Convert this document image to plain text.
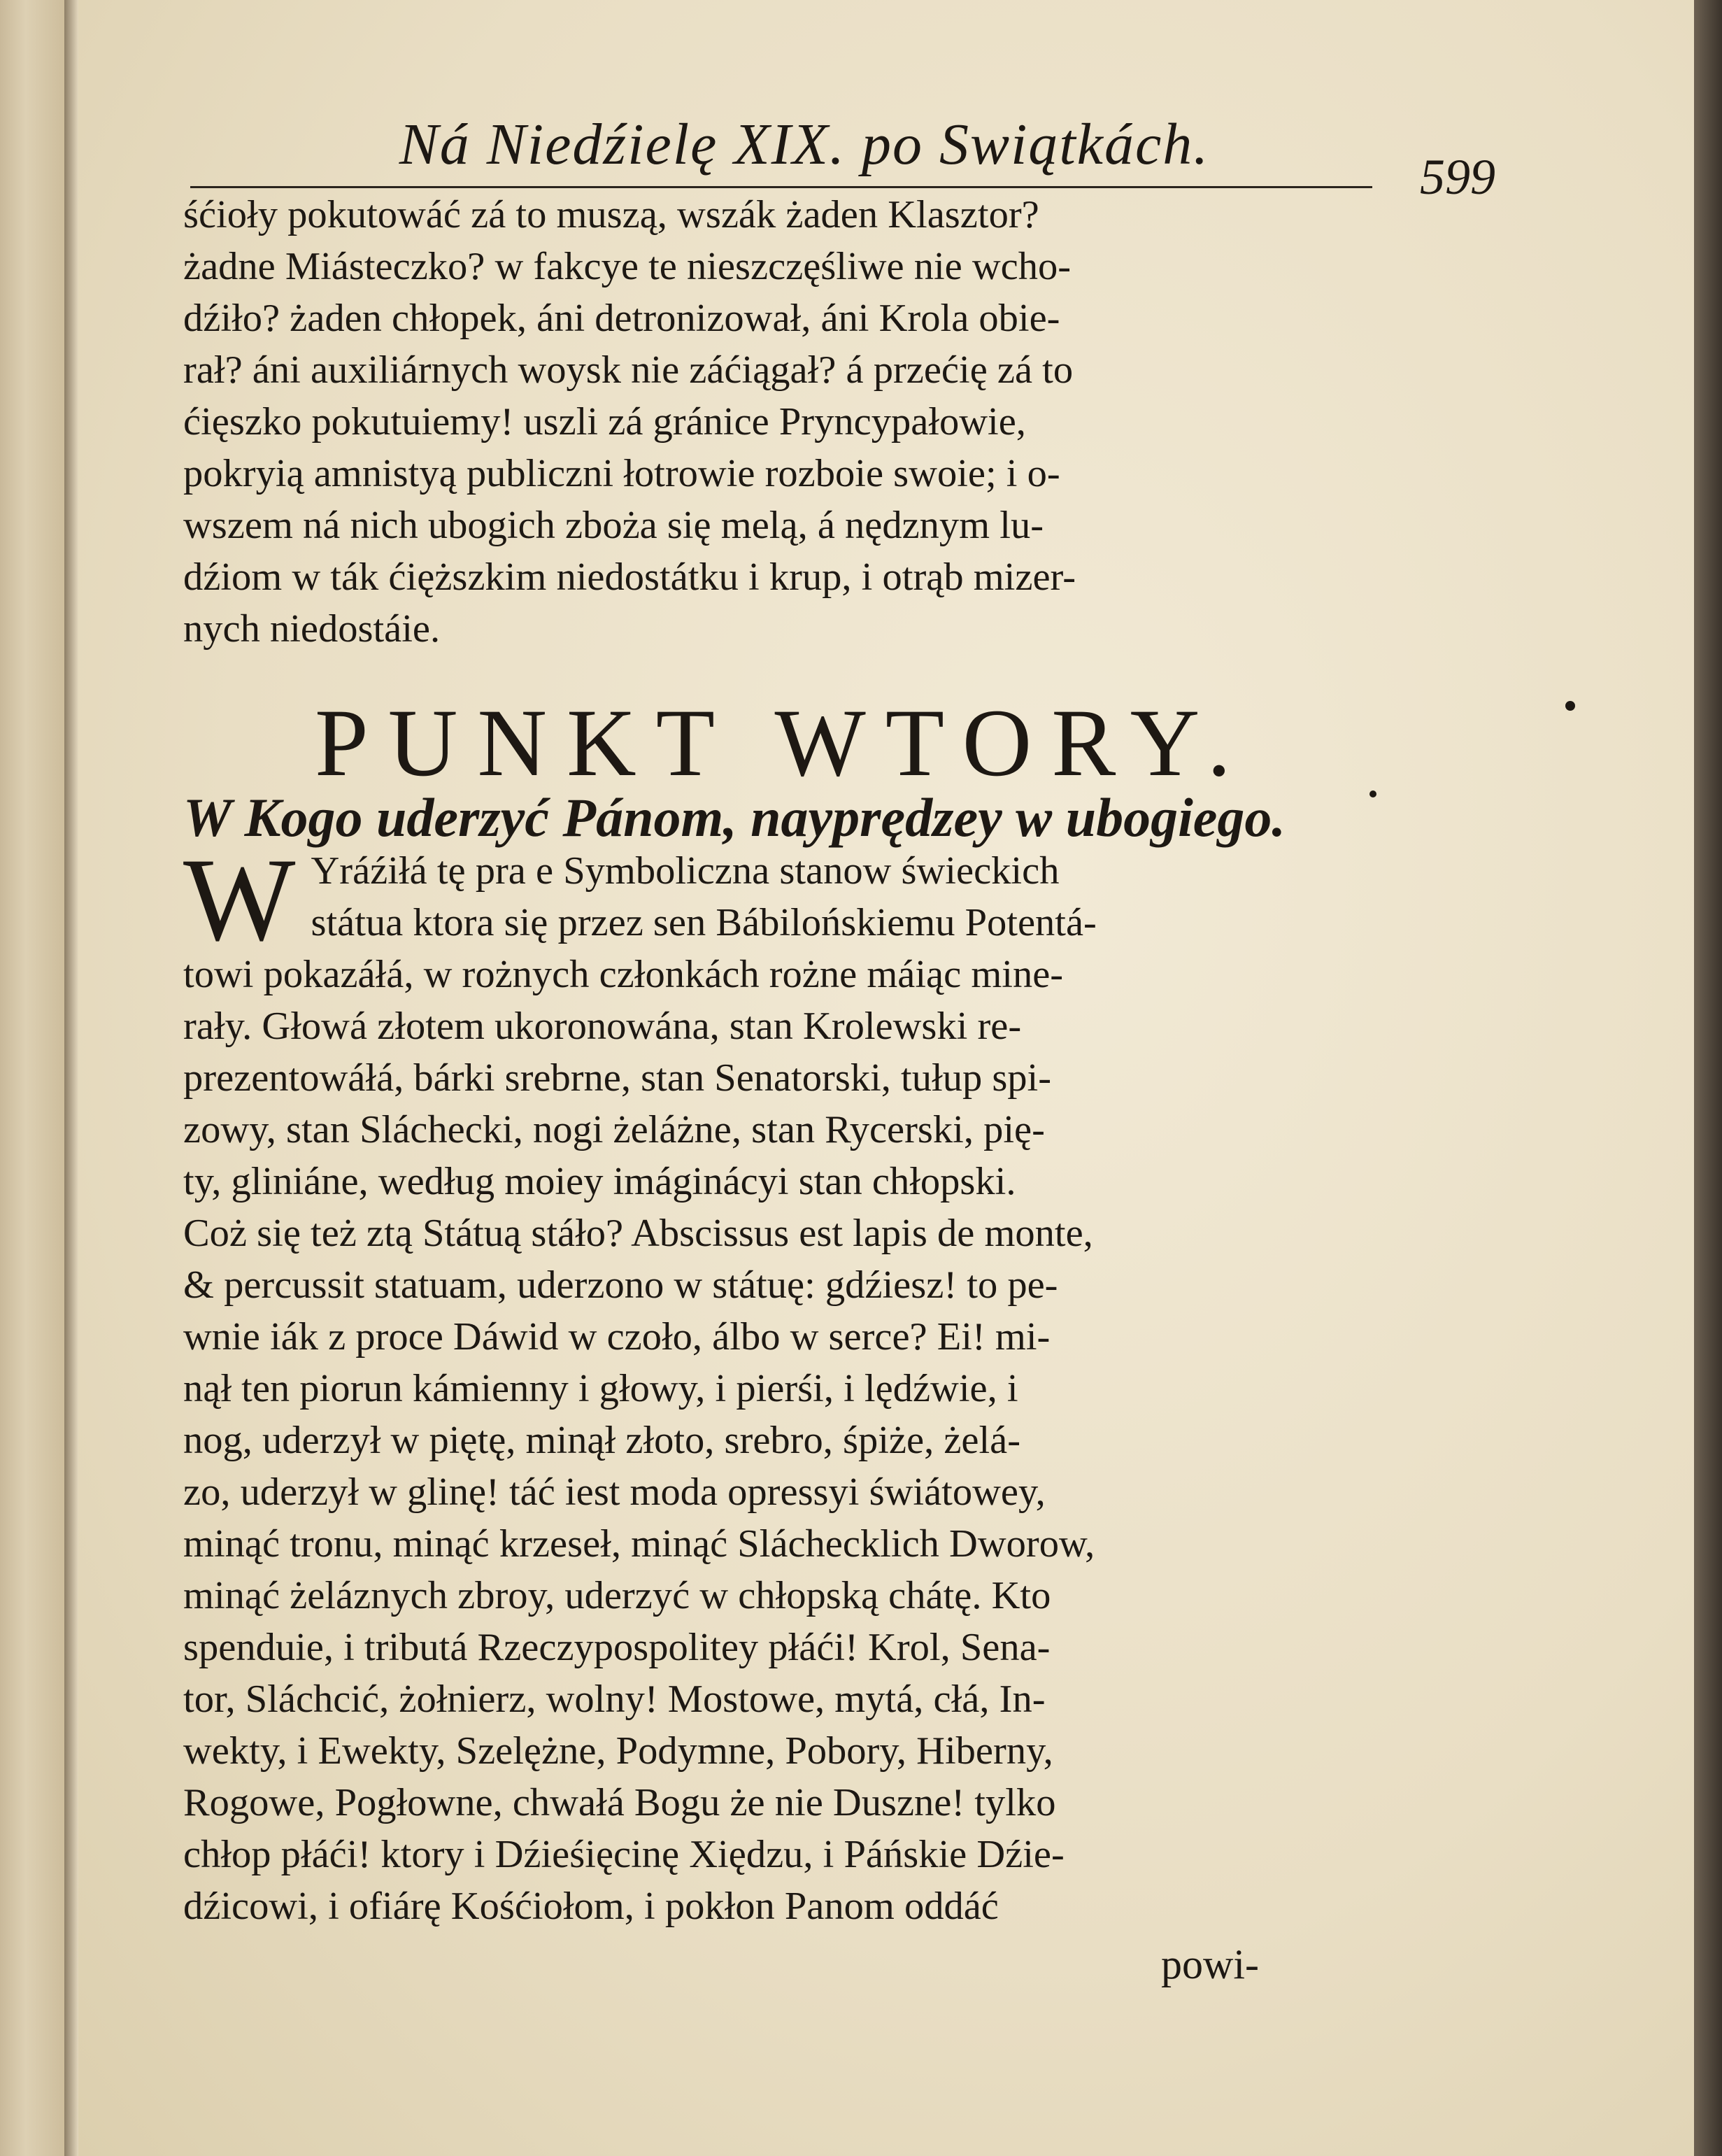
Ná Niedźielę XIX. po Swiątkách.	599
śćioły pokutowáć zá to muszą, wszák żaden Klasztor?
żadne Miásteczko? w fakcye te nieszczęśliwe nie wcho-
dźiło? żaden chłopek, áni detronizował, áni Krola obie-
rał? áni auxiliárnych woysk nie záćiągał? á przećię zá to
ćięszko pokutuiemy! uszli zá gránice Pryncypałowie,
pokryią amnistyą publiczni łotrowie rozboie swoie; i o-
wszem ná nich ubogich zboża się melą, á nędznym lu-
dźiom w ták ćięższkim niedostátku i krup, i otrąb mizer-
nych niedostáie.
PUNKT WTORY.
W Kogo uderzyć Pánom, nayprędzey w ubogiego.
W Yráźiłá tę pra e Symboliczna stanow świeckich
státua ktora się przez sen Bábilońskiemu Potentá-
towi pokazáłá, w rożnych członkách rożne máiąc mine-
rały. Głowá złotem ukoronowána, stan Krolewski re-
prezentowáłá, bárki srebrne, stan Senatorski, tułup spi-
zowy, stan Sláchecki, nogi żeláżne, stan Rycerski, pię-
ty, gliniáne, według moiey imáginácyi stan chłopski.
Coż się też ztą Státuą stáło? Abscissus est lapis de monte,
& percussit statuam, uderzono w státuę: gdźiesz! to pe-
wnie iák z proce Dáwid w czoło, álbo w serce? Ei! mi-
nął ten piorun kámienny i głowy, i pierśi, i lędźwie, i
nog, uderzył w piętę, minął złoto, srebro, śpiże, żelá-
zo, uderzył w glinę! táć iest moda opressyi świátowey,
minąć tronu, minąć krzeseł, minąć Sláchecklich Dworow,
minąć żeláznych zbroy, uderzyć w chłopską chátę. Kto
spenduie, i tributá Rzeczypospolitey płáći! Krol, Sena-
tor, Sláchcić, żołnierz, wolny! Mostowe, mytá, cłá, In-
wekty, i Ewekty, Szelężne, Podymne, Pobory, Hiberny,
Rogowe, Pogłowne, chwałá Bogu że nie Duszne! tylko
chłop płáći! ktory i Dźieśięcinę Xiędzu, i Páńskie Dźie-
dźicowi, i ofiárę Kośćiołom, i pokłon Panom oddáć
powi-
